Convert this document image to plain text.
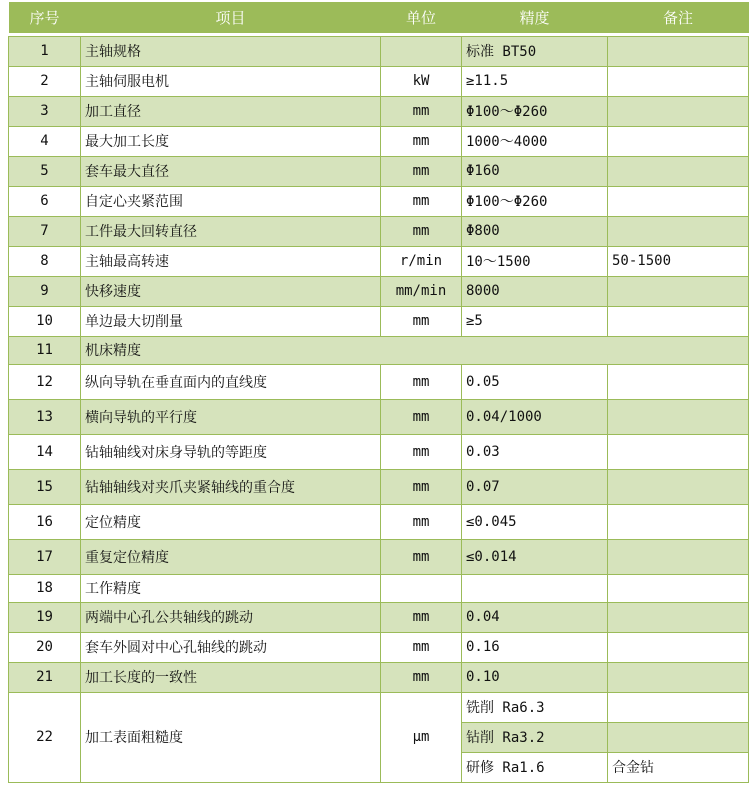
序号	项目	单位	精度	备注

1	主轴规格		标准 BT50	
2	主轴伺服电机	kW	≥11.5	
3	加工直径	mm	Φ100～Φ260	
4	最大加工长度	mm	1000～4000	
5	套车最大直径	mm	Φ160	
6	自定心夹紧范围	mm	Φ100～Φ260	
7	工件最大回转直径	mm	Φ800	
8	主轴最高转速	r/min	10～1500	50-1500
9	快移速度	mm/min	8000	
10	单边最大切削量	mm	≥5	
11	机床精度			
12	纵向导轨在垂直面内的直线度	mm	0.05	
13	横向导轨的平行度	mm	0.04/1000	
14	钻轴轴线对床身导轨的等距度	mm	0.03	
15	钻轴轴线对夹爪夹紧轴线的重合度	mm	0.07	
16	定位精度	mm	≤0.045	
17	重复定位精度	mm	≤0.014	
18	工作精度			
19	两端中心孔公共轴线的跳动	mm	0.04	
20	套车外圆对中心孔轴线的跳动	mm	0.16	
21	加工长度的一致性	mm	0.10	
22	加工表面粗糙度	μm	铣削 Ra6.3	
			钻削 Ra3.2	
			研修 Ra1.6	合金钻
